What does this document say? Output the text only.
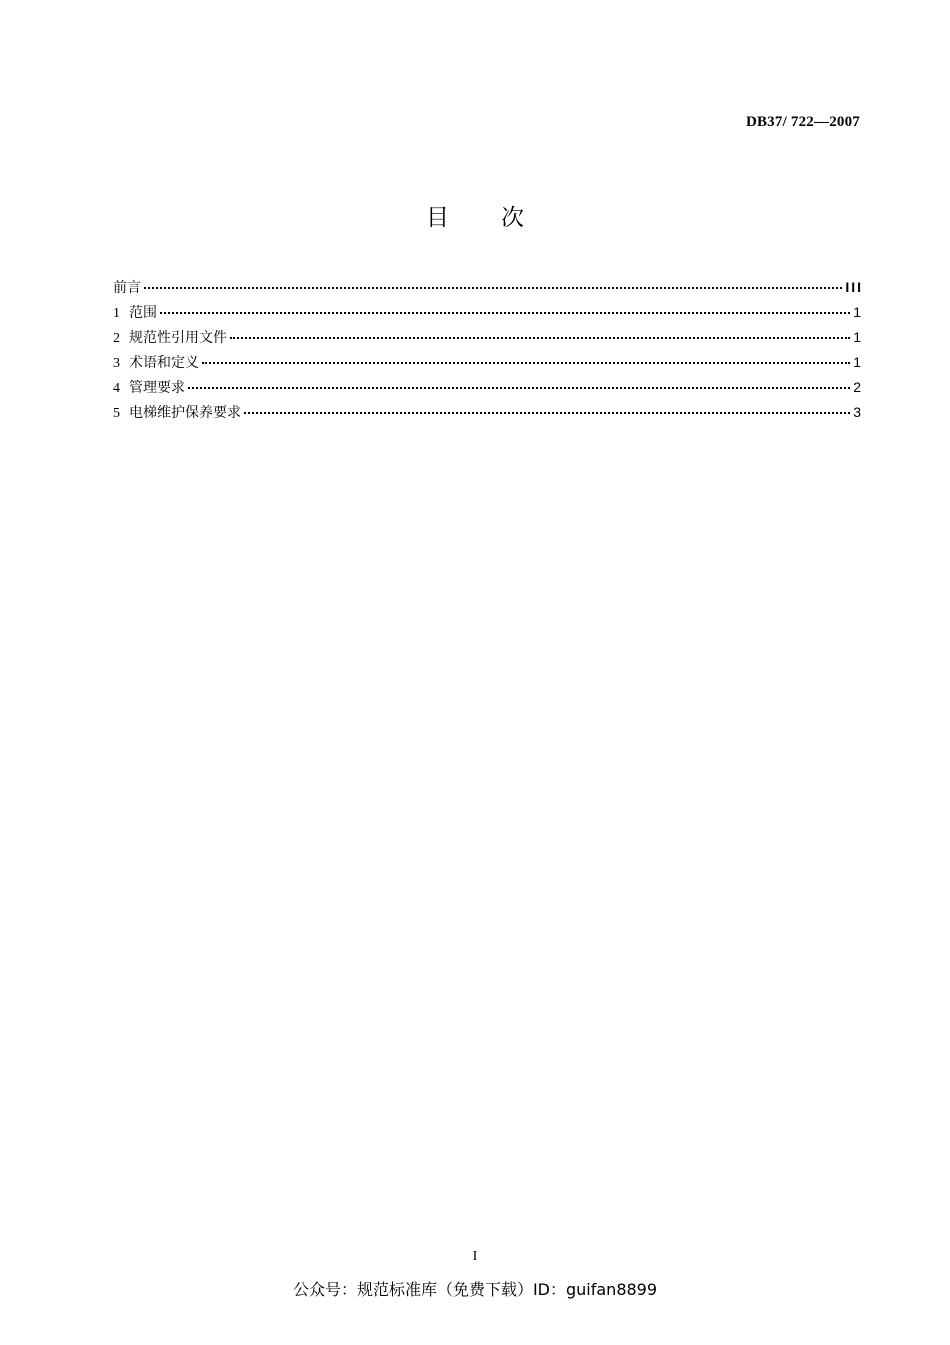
DB37/ 722—2007
目 次
前言	III
1 范围	1
2 规范性引用文件	1
3 术语和定义	1
4 管理要求	2
5 电梯维护保养要求	3
I
公众号：规范标准库（免费下载）ID：guifan8899
